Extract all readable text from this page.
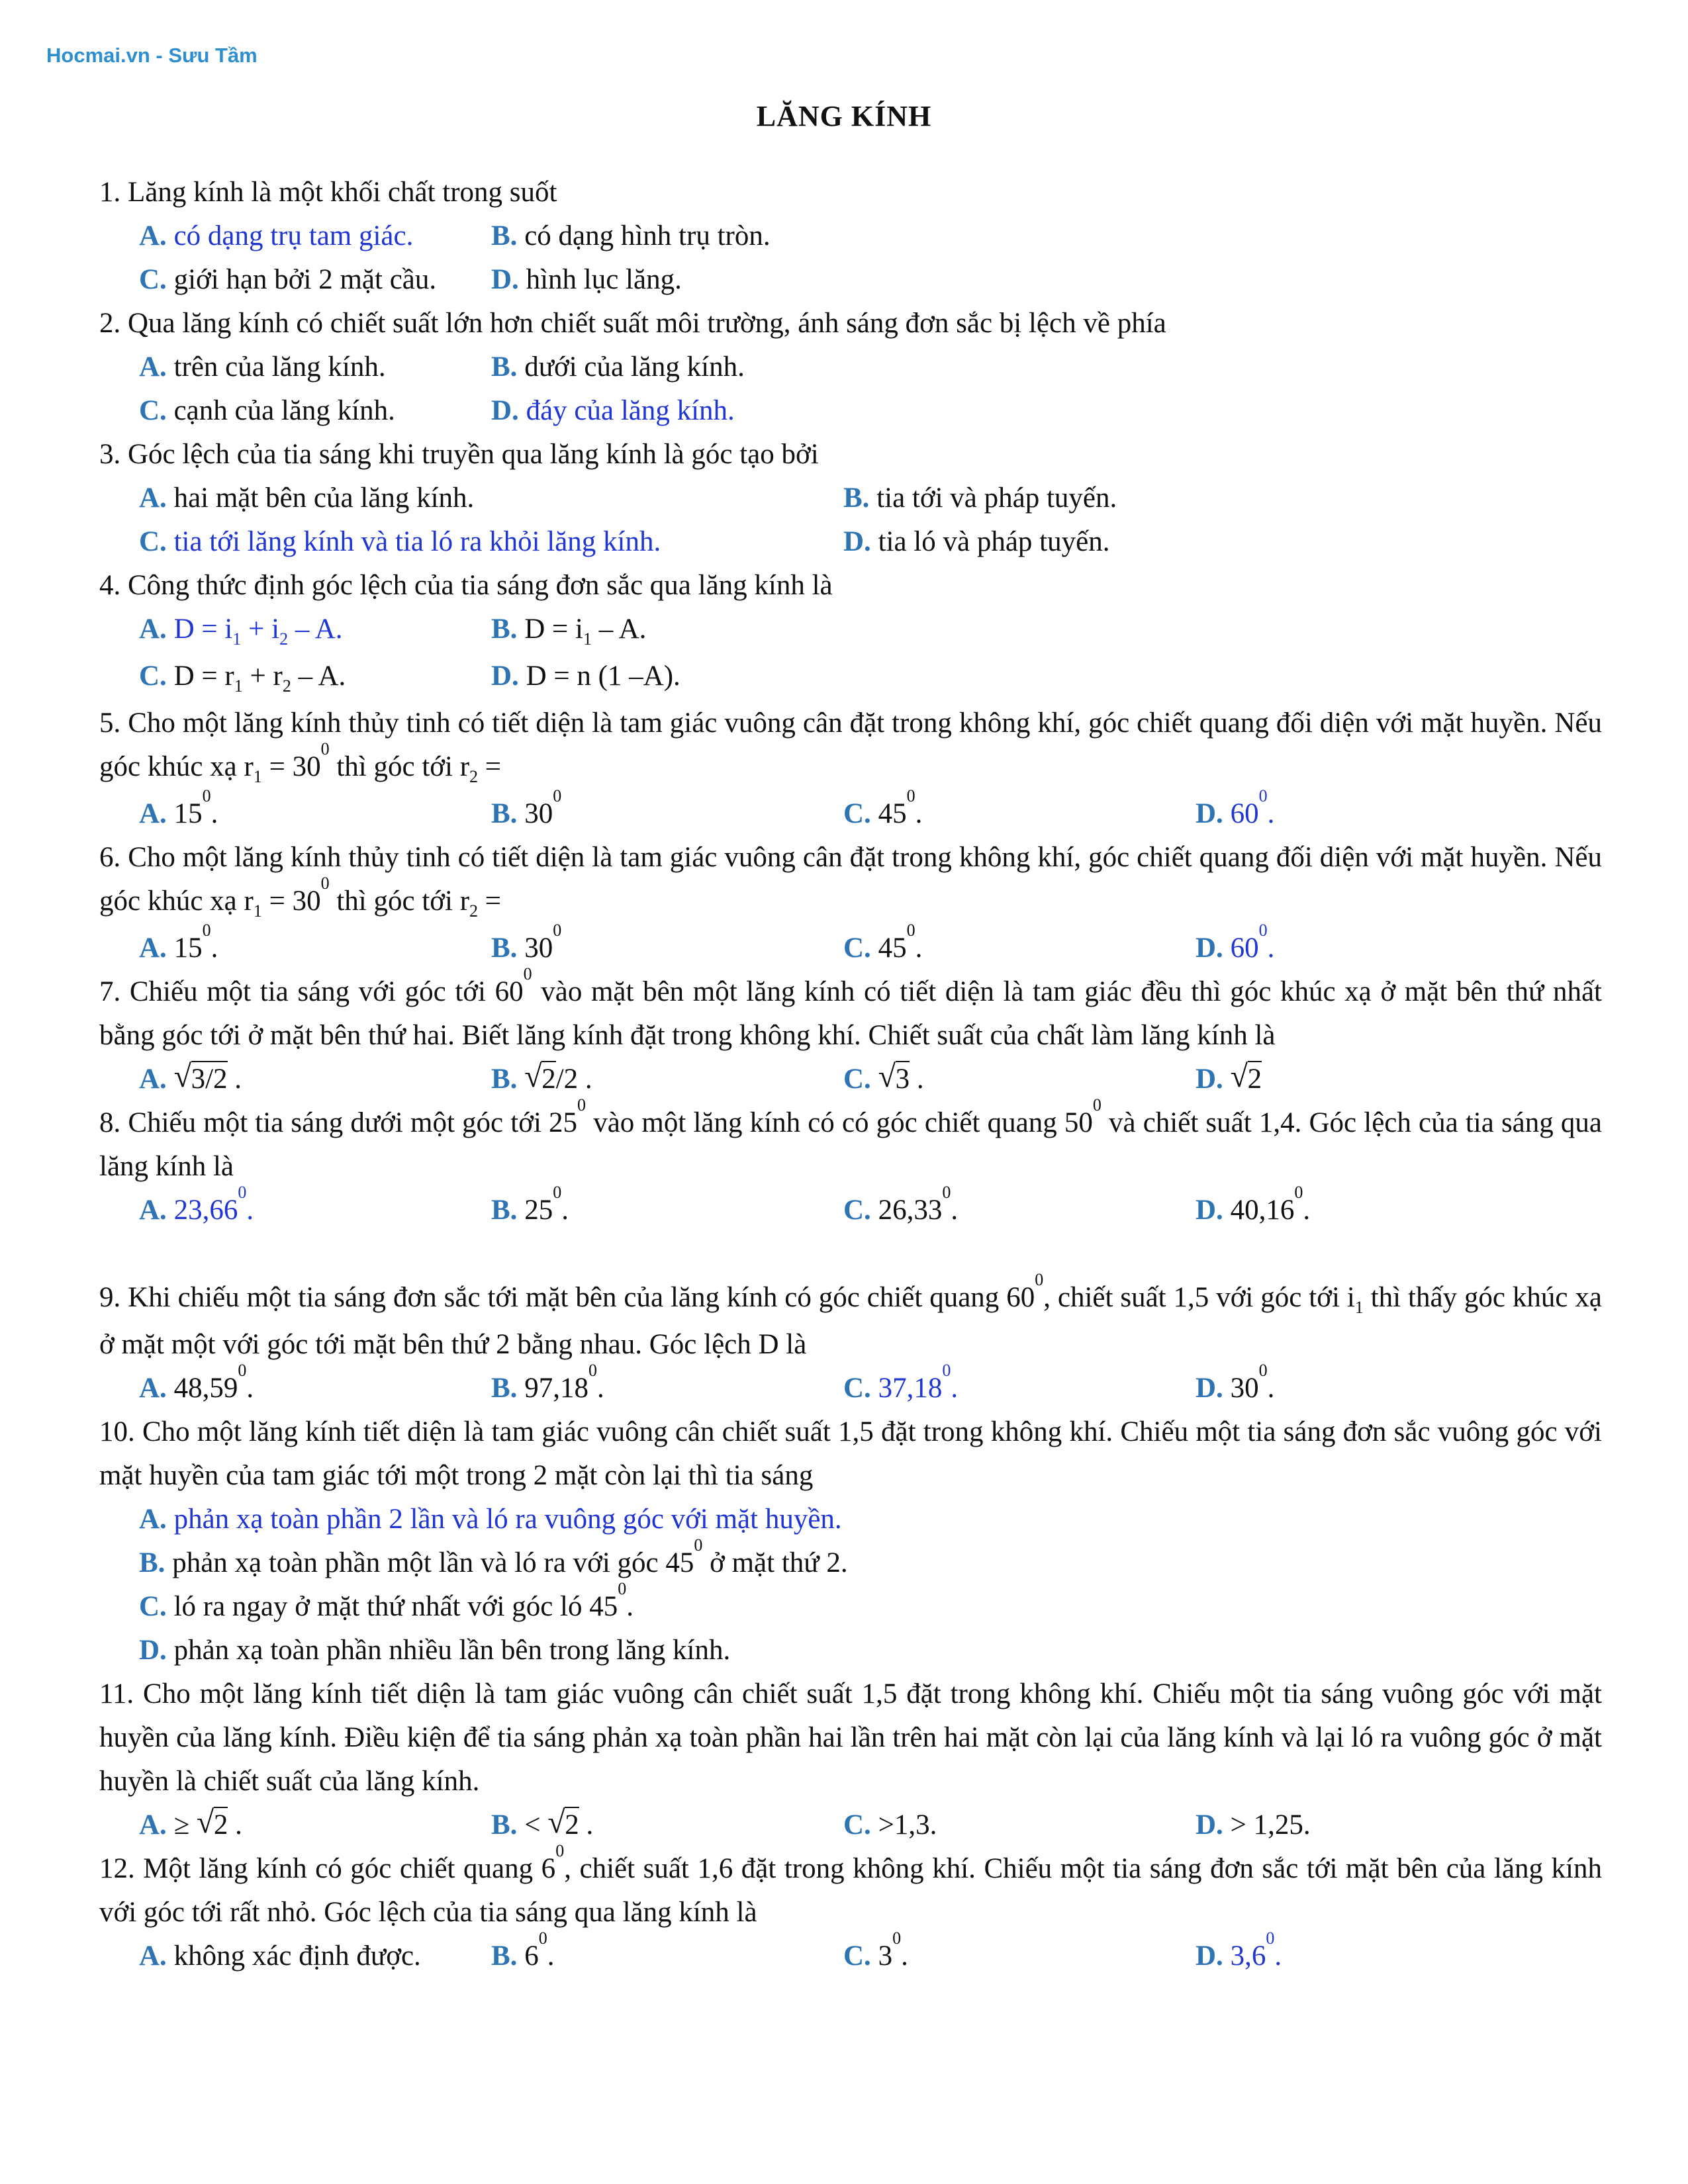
Hocmai.vn - Sưu Tầm
LĂNG KÍNH
1. Lăng kính là một khối chất trong suốt
A. có dạng trụ tam giác.	B. có dạng hình trụ tròn.
C. giới hạn bởi 2 mặt cầu.	D. hình lục lăng.
2. Qua lăng kính có chiết suất lớn hơn chiết suất môi trường, ánh sáng đơn sắc bị lệch về phía
A. trên của lăng kính.	B. dưới của lăng kính.
C. cạnh của lăng kính.	D. đáy của lăng kính.
3. Góc lệch của tia sáng khi truyền qua lăng kính là góc tạo bởi
A. hai mặt bên của lăng kính.	B. tia tới và pháp tuyến.
C. tia tới lăng kính và tia ló ra khỏi lăng kính.	D. tia ló và pháp tuyến.
4. Công thức định góc lệch của tia sáng đơn sắc qua lăng kính là
A. $D = i_1 + i_2 - A$.	B. $D = i_1 - A$.
C. $D = r_1 + r_2 - A$.	D. D = n (1 –A).
5. Cho một lăng kính thủy tinh có tiết diện là tam giác vuông cân đặt trong không khí, góc chiết quang đối diện với mặt huyền. Nếu góc khúc xạ $r_1 = 30^0$ thì góc tới $r_2$ =
A. $15^0$.	B. $30^0$
C. $45^0$.	D. $60^0$.
6. Cho một lăng kính thủy tinh có tiết diện là tam giác vuông cân đặt trong không khí, góc chiết quang đối diện với mặt huyền. Nếu góc khúc xạ $r_1 = 30^0$ thì góc tới $r_2$ =
A. $15^0$.	B. $30^0$
C. $45^0$.	D. $60^0$.
7. Chiếu một tia sáng với góc tới $60^0$ vào mặt bên một lăng kính có tiết diện là tam giác đều thì góc khúc xạ ở mặt bên thứ nhất bằng góc tới ở mặt bên thứ hai. Biết lăng kính đặt trong không khí. Chiết suất của chất làm lăng kính là
A. √ 3/2 .	B. √ 2/2 .	C. √ 3 .	D. √ 2
8. Chiếu một tia sáng dưới một góc tới $25^0$ vào một lăng kính có có góc chiết quang $50^0$ và chiết suất 1,4. Góc lệch của tia sáng qua lăng kính là
A. 23,66$^0$.	B. $25^0$.	C. 26,33$^0$.	D. 40,16$^0$.
9. Khi chiếu một tia sáng đơn sắc tới mặt bên của lăng kính có góc chiết quang $60^0$, chiết suất 1,5 với góc tới $i_1$ thì thấy góc khúc xạ ở mặt một với góc tới mặt bên thứ 2 bằng nhau. Góc lệch D là
A. 48,59$^0$.	B. 97,18$^0$.	C. 37,18$^0$.	D. $30^0$.
10. Cho một lăng kính tiết diện là tam giác vuông cân chiết suất 1,5 đặt trong không khí. Chiếu một tia sáng đơn sắc vuông góc với mặt huyền của tam giác tới một trong 2 mặt còn lại thì tia sáng
A. phản xạ toàn phần 2 lần và ló ra vuông góc với mặt huyền.
B. phản xạ toàn phần một lần và ló ra với góc $45^0$ ở mặt thứ 2.
C. ló ra ngay ở mặt thứ nhất với góc ló $45^0$.
D. phản xạ toàn phần nhiều lần bên trong lăng kính.
11. Cho một lăng kính tiết diện là tam giác vuông cân chiết suất 1,5 đặt trong không khí. Chiếu một tia sáng vuông góc với mặt huyền của lăng kính. Điều kiện để tia sáng phản xạ toàn phần hai lần trên hai mặt còn lại của lăng kính và lại ló ra vuông góc ở mặt huyền là chiết suất của lăng kính.
A. ≥ √ 2 .	B. < √ 2 .	C. >1,3.	D. > 1,25.
12. Một lăng kính có góc chiết quang $6^0$, chiết suất 1,6 đặt trong không khí. Chiếu một tia sáng đơn sắc tới mặt bên của lăng kính với góc tới rất nhỏ. Góc lệch của tia sáng qua lăng kính là
A. không xác định được.	B. $6^0$.	C. $3^0$.	D. $3,6^0$.
